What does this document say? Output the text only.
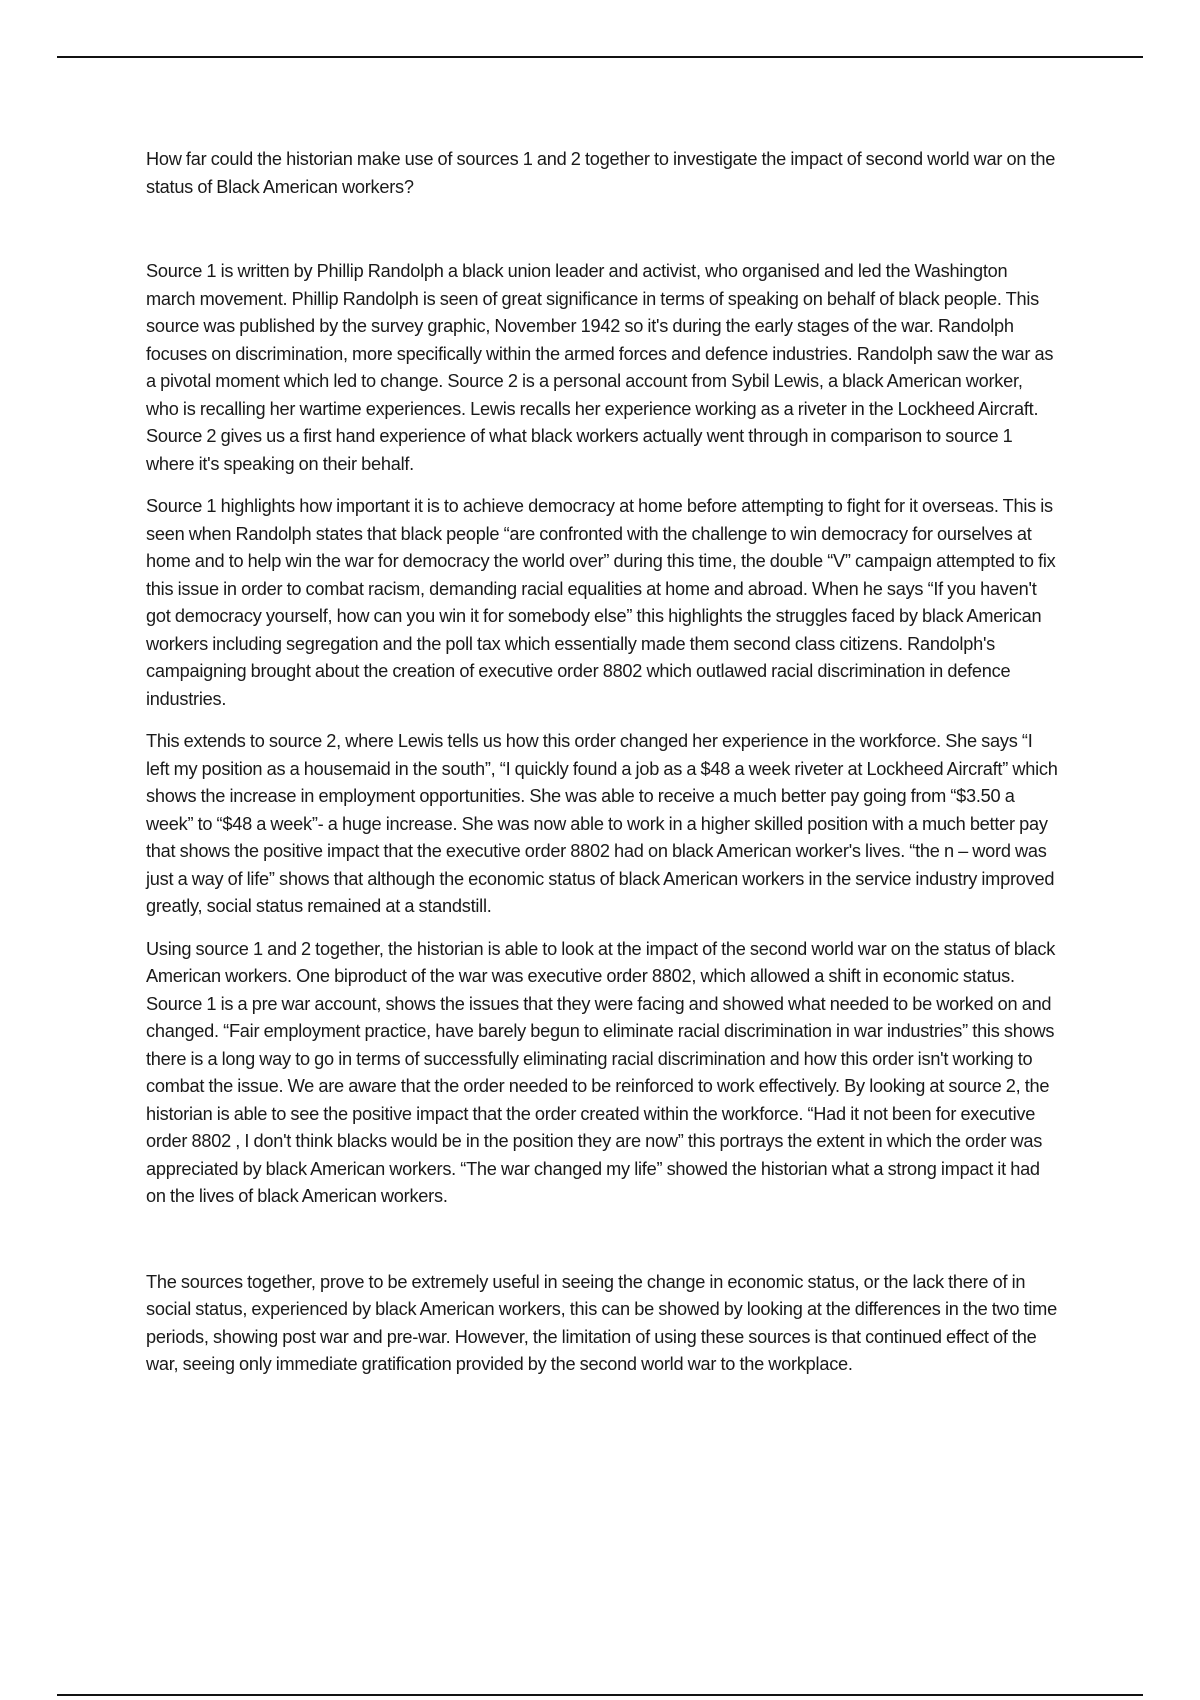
How far could the historian make use of sources 1 and 2 together to investigate the impact of second world war on the status of Black American workers?

Source 1 is written by Phillip Randolph a black union leader and activist, who organised and led the Washington march movement. Phillip Randolph is seen of great significance in terms of speaking on behalf of black people. This source was published by the survey graphic, November 1942 so it's during the early stages of the war. Randolph focuses on discrimination, more specifically within the armed forces and defence industries. Randolph saw the war as a pivotal moment which led to change. Source 2 is a personal account from Sybil Lewis, a black American worker, who is recalling her wartime experiences. Lewis recalls her experience working as a riveter in the Lockheed Aircraft. Source 2 gives us a first hand experience of what black workers actually went through in comparison to source 1 where it's speaking on their behalf.

Source 1 highlights how important it is to achieve democracy at home before attempting to fight for it overseas. This is seen when Randolph states that black people “are confronted with the challenge to win democracy for ourselves at home and to help win the war for democracy the world over” during this time, the double “V” campaign attempted to fix this issue in order to combat racism, demanding racial equalities at home and abroad. When he says “If you haven't got democracy yourself, how can you win it for somebody else” this highlights the struggles faced by black American workers including segregation and the poll tax which essentially made them second class citizens. Randolph's campaigning brought about the creation of executive order 8802 which outlawed racial discrimination in defence industries.

This extends to source 2, where Lewis tells us how this order changed her experience in the workforce. She says “I left my position as a housemaid in the south”, “I quickly found a job as a $48 a week riveter at Lockheed Aircraft” which shows the increase in employment opportunities. She was able to receive a much better pay going from “$3.50 a week” to “$48 a week”- a huge increase. She was now able to work in a higher skilled position with a much better pay that shows the positive impact that the executive order 8802 had on black American worker's lives. “the n – word was just a way of life” shows that although the economic status of black American workers in the service industry improved greatly, social status remained at a standstill.

Using source 1 and 2 together, the historian is able to look at the impact of the second world war on the status of black American workers. One biproduct of the war was executive order 8802, which allowed a shift in economic status. Source 1 is a pre war account, shows the issues that they were facing and showed what needed to be worked on and changed. “Fair employment practice, have barely begun to eliminate racial discrimination in war industries” this shows there is a long way to go in terms of successfully eliminating racial discrimination and how this order isn't working to combat the issue. We are aware that the order needed to be reinforced to work effectively. By looking at source 2, the historian is able to see the positive impact that the order created within the workforce. “Had it not been for executive order 8802 , I don't think blacks would be in the position they are now” this portrays the extent in which the order was appreciated by black American workers. “The war changed my life” showed the historian what a strong impact it had on the lives of black American workers.

The sources together, prove to be extremely useful in seeing the change in economic status, or the lack there of in social status, experienced by black American workers, this can be showed by looking at the differences in the two time periods, showing post war and pre-war. However, the limitation of using these sources is that continued effect of the war, seeing only immediate gratification provided by the second world war to the workplace.
